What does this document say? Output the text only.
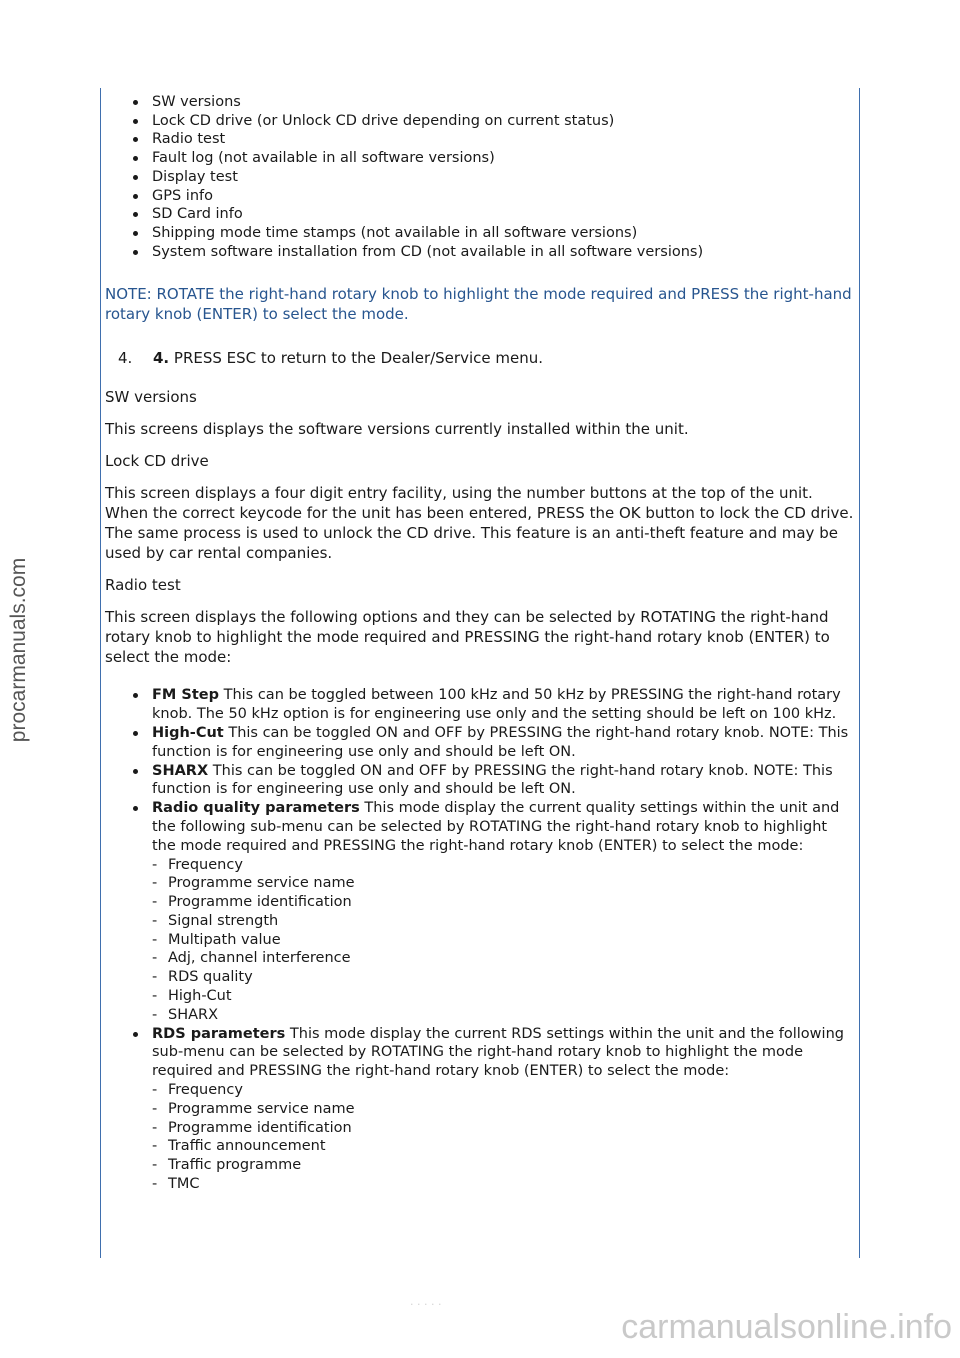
procarmanuals.com
SW versions
Lock CD drive (or Unlock CD drive depending on current status)
Radio test
Fault log (not available in all software versions)
Display test
GPS info
SD Card info
Shipping mode time stamps (not available in all software versions)
System software installation from CD (not available in all software versions)

NOTE: ROTATE the right-hand rotary knob to highlight the mode required and PRESS the right-hand rotary knob (ENTER) to select the mode.

4. 4. PRESS ESC to return to the Dealer/Service menu.

SW versions

This screens displays the software versions currently installed within the unit.

Lock CD drive

This screen displays a four digit entry facility, using the number buttons at the top of the unit. When the correct keycode for the unit has been entered, PRESS the OK button to lock the CD drive. The same process is used to unlock the CD drive. This feature is an anti-theft feature and may be used by car rental companies.

Radio test

This screen displays the following options and they can be selected by ROTATING the right-hand rotary knob to highlight the mode required and PRESSING the right-hand rotary knob (ENTER) to select the mode:

FM Step This can be toggled between 100 kHz and 50 kHz by PRESSING the right-hand rotary knob. The 50 kHz option is for engineering use only and the setting should be left on 100 kHz.
High-Cut This can be toggled ON and OFF by PRESSING the right-hand rotary knob. NOTE: This function is for engineering use only and should be left ON.
SHARX This can be toggled ON and OFF by PRESSING the right-hand rotary knob. NOTE: This function is for engineering use only and should be left ON.
Radio quality parameters This mode display the current quality settings within the unit and the following sub-menu can be selected by ROTATING the right-hand rotary knob to highlight the mode required and PRESSING the right-hand rotary knob (ENTER) to select the mode:
- Frequency
- Programme service name
- Programme identification
- Signal strength
- Multipath value
- Adj, channel interference
- RDS quality
- High-Cut
- SHARX
RDS parameters This mode display the current RDS settings within the unit and the following sub-menu can be selected by ROTATING the right-hand rotary knob to highlight the mode required and PRESSING the right-hand rotary knob (ENTER) to select the mode:
- Frequency
- Programme service name
- Programme identification
- Traffic announcement
- Traffic programme
- TMC
· · · · ·
carmanualsonline.info
